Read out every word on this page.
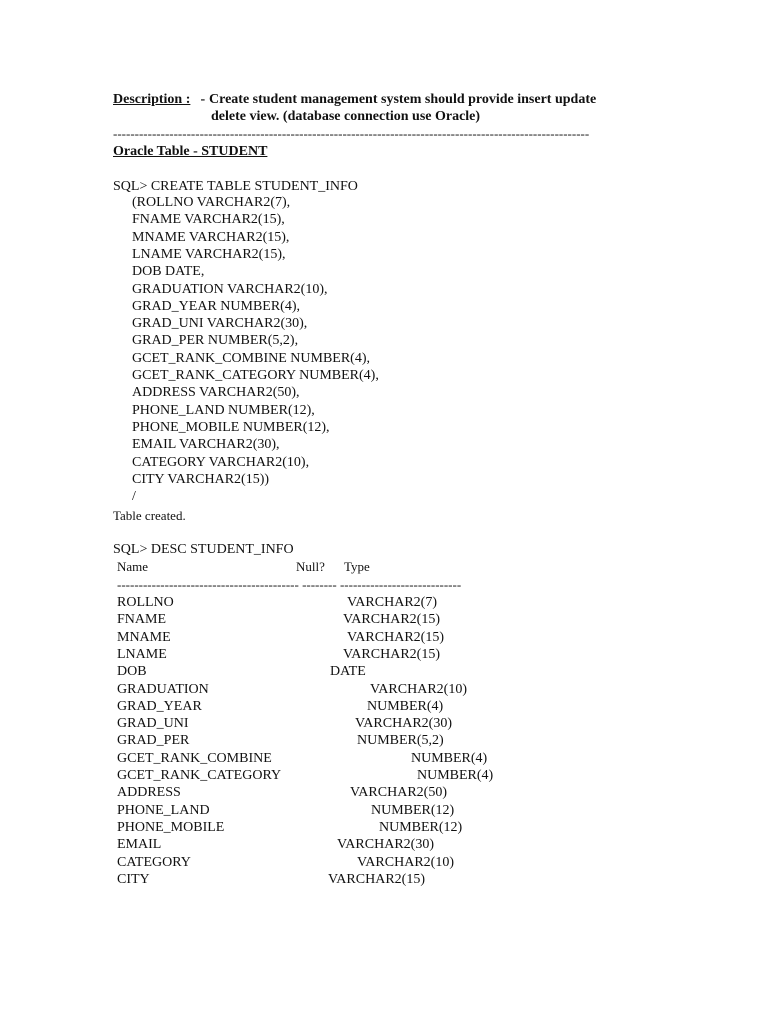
Description : - Create student management system should provide insert update
delete view. (database connection use Oracle)
--------------------------------------------------------------------------------------------------------------
Oracle Table - STUDENT
SQL> CREATE TABLE STUDENT_INFO
(ROLLNO VARCHAR2(7),
FNAME VARCHAR2(15),
MNAME VARCHAR2(15),
LNAME VARCHAR2(15),
DOB DATE,
GRADUATION VARCHAR2(10),
GRAD_YEAR NUMBER(4),
GRAD_UNI VARCHAR2(30),
GRAD_PER NUMBER(5,2),
GCET_RANK_COMBINE NUMBER(4),
GCET_RANK_CATEGORY NUMBER(4),
ADDRESS VARCHAR2(50),
PHONE_LAND NUMBER(12),
PHONE_MOBILE NUMBER(12),
EMAIL VARCHAR2(30),
CATEGORY VARCHAR2(10),
CITY VARCHAR2(15))
/
Table created.
SQL> DESC STUDENT_INFO
Name	Null? Type
------------------------------------------ -------- ----------------------------
ROLLNO	VARCHAR2(7)
FNAME	VARCHAR2(15)
MNAME	VARCHAR2(15)
LNAME	VARCHAR2(15)
DOB	DATE
GRADUATION	VARCHAR2(10)
GRAD_YEAR	NUMBER(4)
GRAD_UNI	VARCHAR2(30)
GRAD_PER	NUMBER(5,2)
GCET_RANK_COMBINE	NUMBER(4)
GCET_RANK_CATEGORY	NUMBER(4)
ADDRESS	VARCHAR2(50)
PHONE_LAND	NUMBER(12)
PHONE_MOBILE	NUMBER(12)
EMAIL	VARCHAR2(30)
CATEGORY	VARCHAR2(10)
CITY	VARCHAR2(15)
